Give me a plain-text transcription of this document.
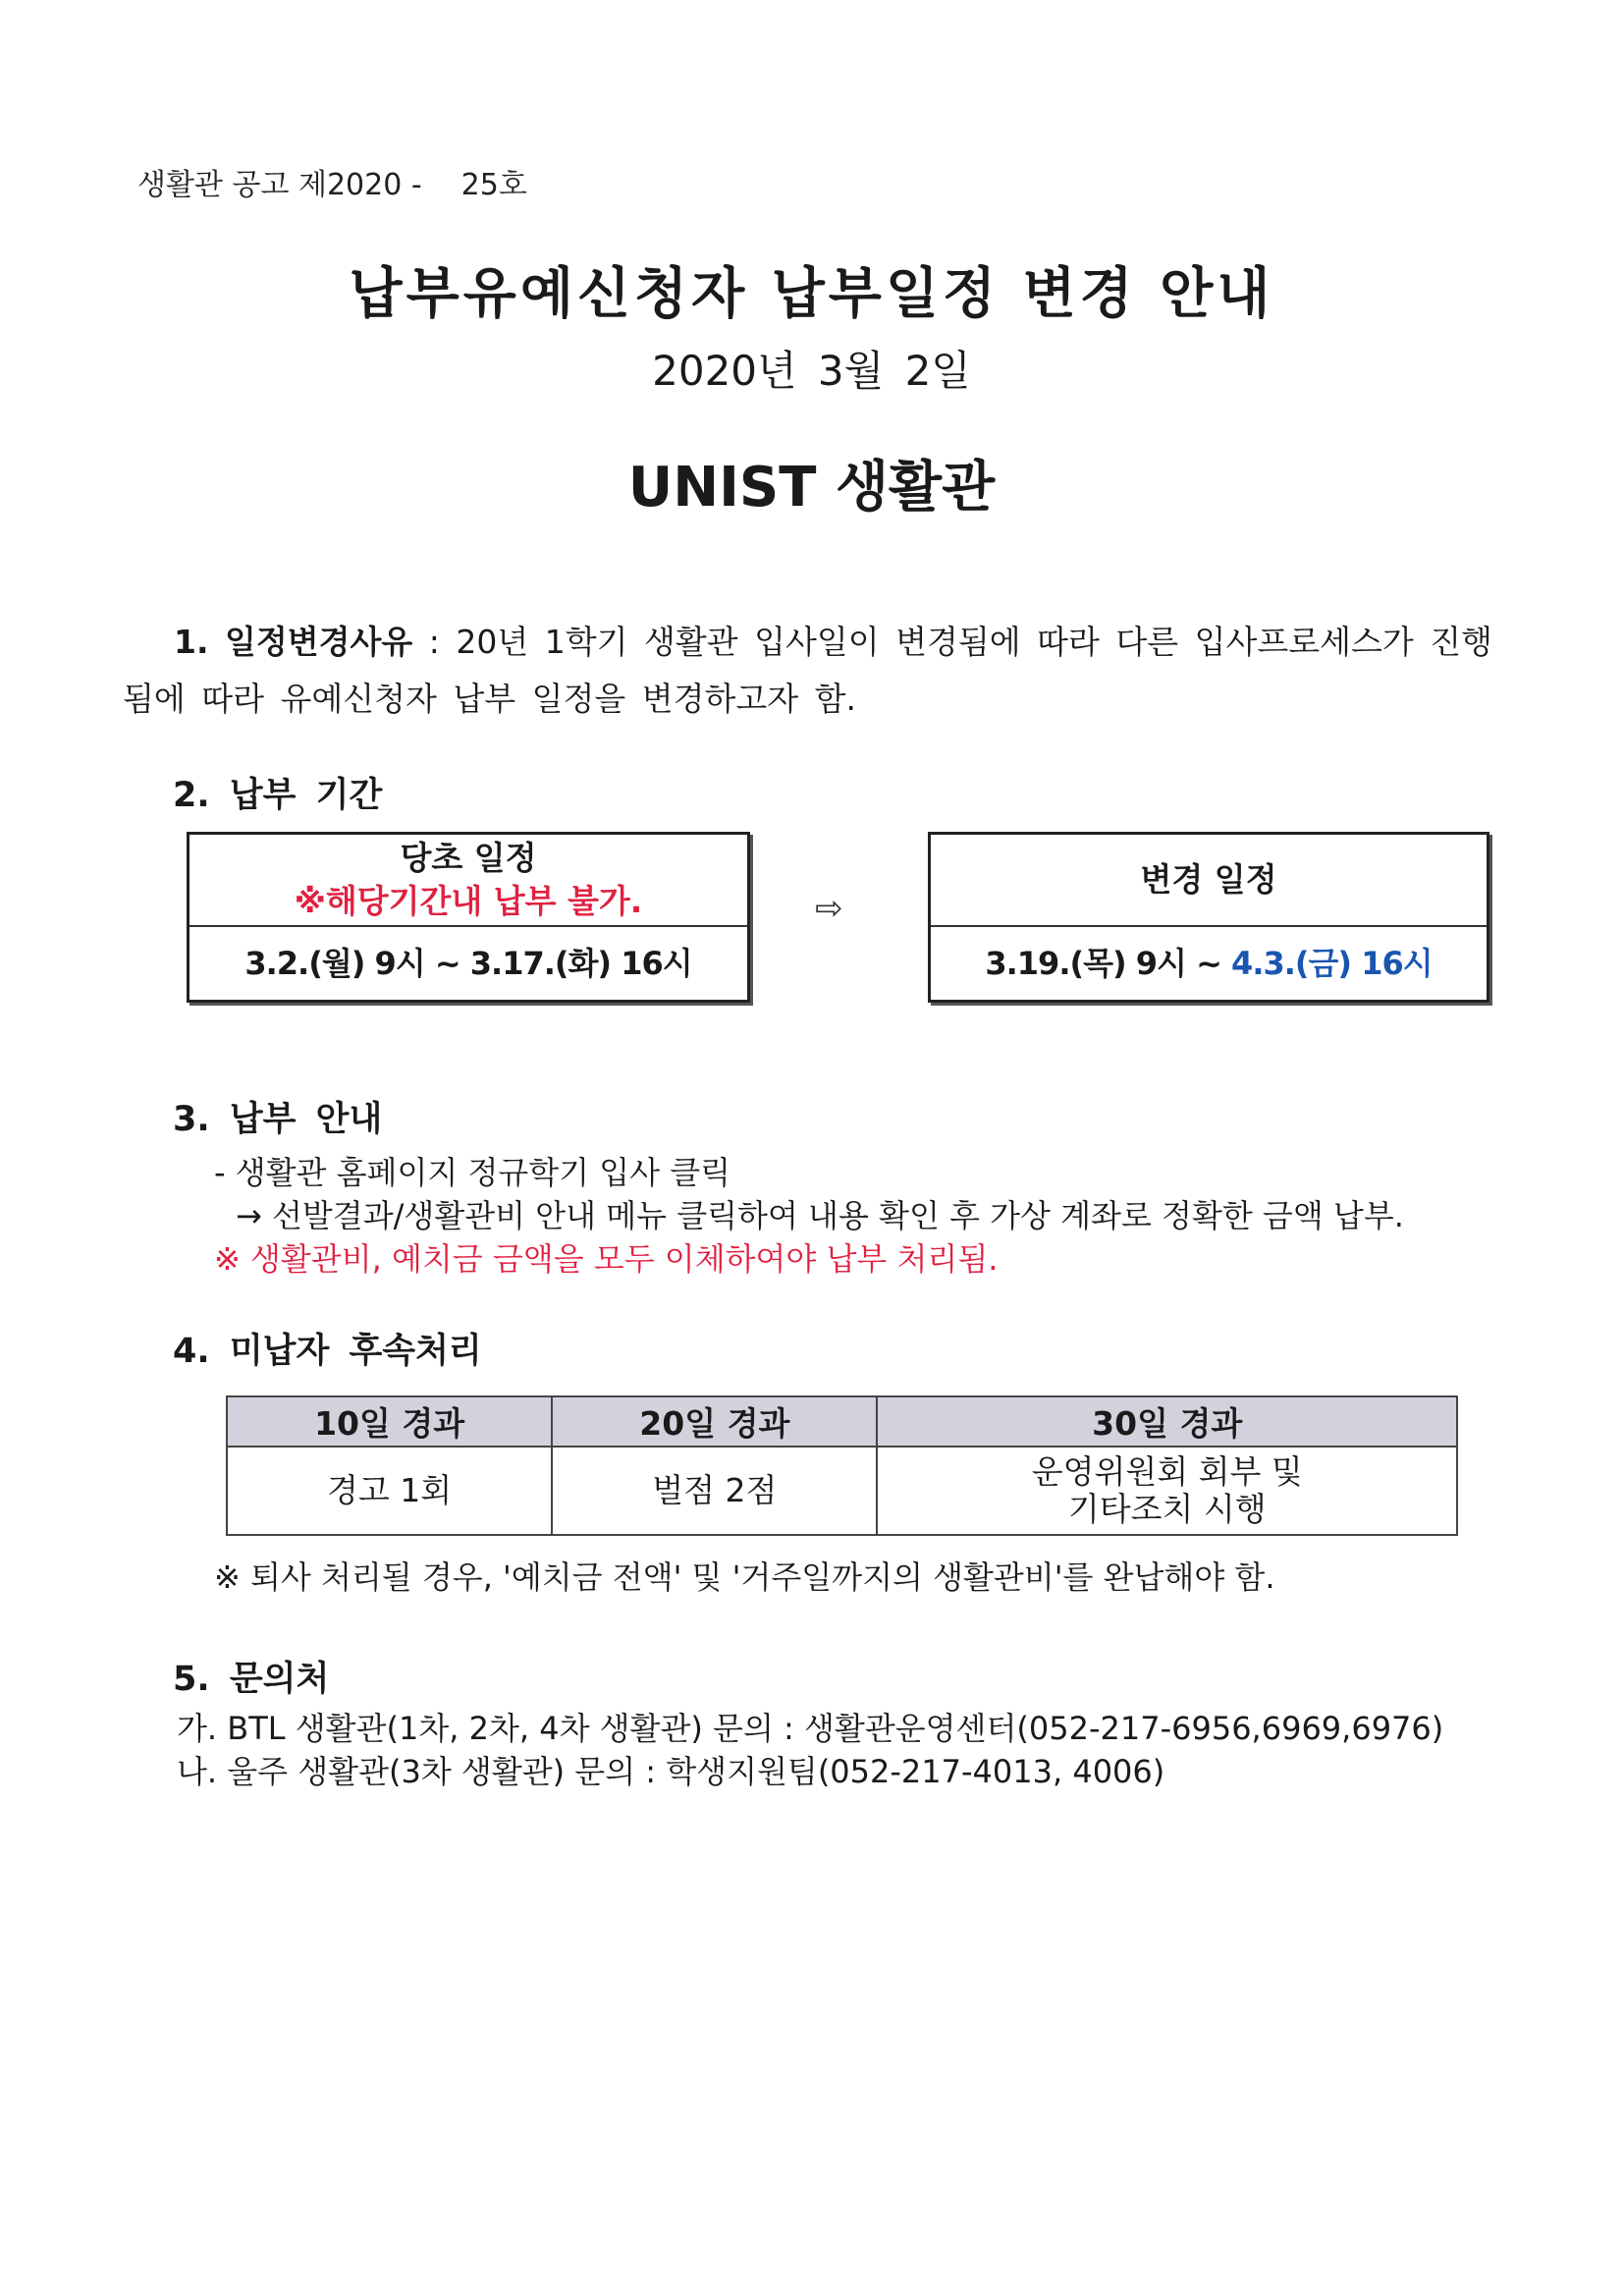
생활관 공고 제2020 - 25호
납부유예신청자 납부일정 변경 안내
2020년 3월 2일
UNIST 생활관
1. 일정변경사유 : 20년 1학기 생활관 입사일이 변경됨에 따라 다른 입사프로세스가 진행됨에 따라 유예신청자 납부 일정을 변경하고자 함.
2. 납부 기간
당초 일정
※해당기간내 납부 불가.
3.2.(월) 9시 ~ 3.17.(화) 16시
⇨
변경 일정
3.19.(목) 9시 ~ 4.3.(금) 16시
3. 납부 안내
- 생활관 홈페이지 정규학기 입사 클릭
→ 선발결과/생활관비 안내 메뉴 클릭하여 내용 확인 후 가상 계좌로 정확한 금액 납부.
※ 생활관비, 예치금 금액을 모두 이체하여야 납부 처리됨.
4. 미납자 후속처리
10일 경과	20일 경과	30일 경과
경고 1회	벌점 2점	운영위원회 회부 및
기타조치 시행
※ 퇴사 처리될 경우, '예치금 전액' 및 '거주일까지의 생활관비'를 완납해야 함.
5. 문의처
가. BTL 생활관(1차, 2차, 4차 생활관) 문의 : 생활관운영센터(052-217-6956,6969,6976)
나. 울주 생활관(3차 생활관) 문의 : 학생지원팀(052-217-4013, 4006)
